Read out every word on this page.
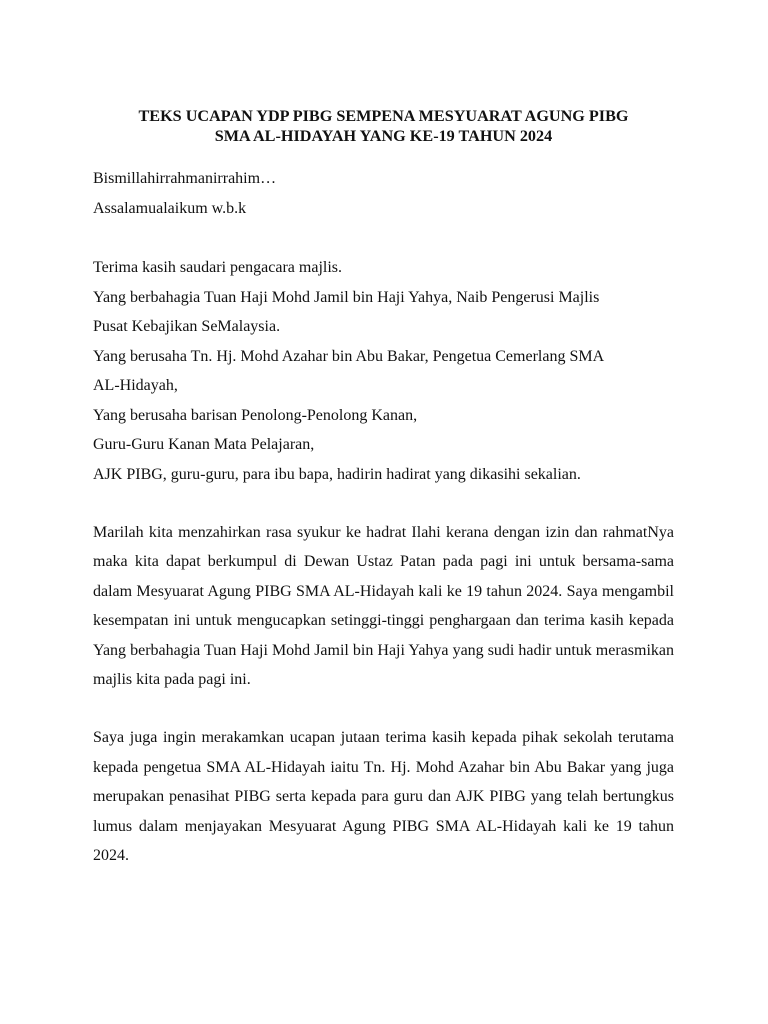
TEKS UCAPAN YDP PIBG SEMPENA MESYUARAT AGUNG PIBG
SMA AL-HIDAYAH YANG KE-19 TAHUN 2024
Bismillahirrahmanirrahim…
Assalamualaikum w.b.k
Terima kasih saudari pengacara majlis.
Yang berbahagia Tuan Haji Mohd Jamil bin Haji Yahya, Naib Pengerusi Majlis
Pusat Kebajikan SeMalaysia.
Yang berusaha Tn. Hj. Mohd Azahar bin Abu Bakar, Pengetua Cemerlang SMA
AL-Hidayah,
Yang berusaha barisan Penolong-Penolong Kanan,
Guru-Guru Kanan Mata Pelajaran,
AJK PIBG, guru-guru, para ibu bapa, hadirin hadirat yang dikasihi sekalian.

Marilah kita menzahirkan rasa syukur ke hadrat Ilahi kerana dengan izin dan rahmatNya maka kita dapat berkumpul di Dewan Ustaz Patan pada pagi ini untuk bersama-sama dalam Mesyuarat Agung PIBG SMA AL-Hidayah kali ke 19 tahun 2024. Saya mengambil kesempatan ini untuk mengucapkan setinggi-tinggi penghargaan dan terima kasih kepada Yang berbahagia Tuan Haji Mohd Jamil bin Haji Yahya yang sudi hadir untuk merasmikan majlis kita pada pagi ini.

Saya juga ingin merakamkan ucapan jutaan terima kasih kepada pihak sekolah terutama kepada pengetua SMA AL-Hidayah iaitu Tn. Hj. Mohd Azahar bin Abu Bakar yang juga merupakan penasihat PIBG serta kepada para guru dan AJK PIBG yang telah bertungkus lumus dalam menjayakan Mesyuarat Agung PIBG SMA AL-Hidayah kali ke 19 tahun 2024.
